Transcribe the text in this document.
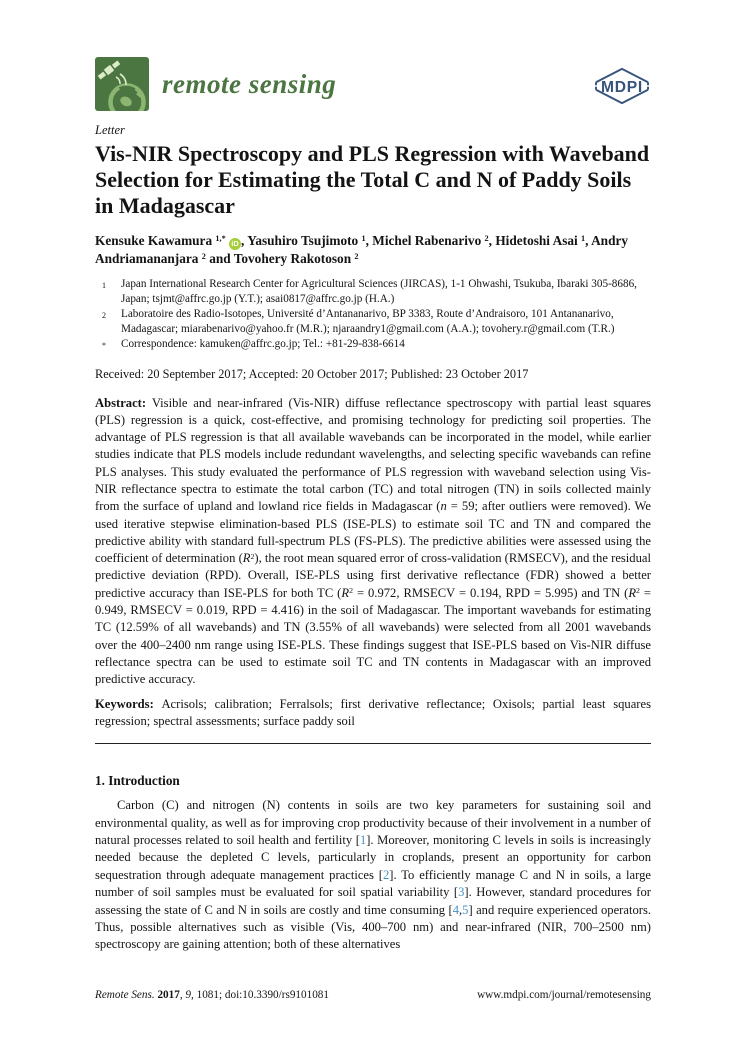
remote sensing	MDPI
Letter
Vis-NIR Spectroscopy and PLS Regression with Waveband Selection for Estimating the Total C and N of Paddy Soils in Madagascar

Kensuke Kawamura $^{1,*}$ iD , Yasuhiro Tsujimoto $^1$, Michel Rabenarivo $^2$, Hidetoshi Asai $^1$, Andry Andriamananjara $^2$ and Tovohery Rakotoson $^2$

1	Japan International Research Center for Agricultural Sciences (JIRCAS), 1-1 Ohwashi, Tsukuba, Ibaraki 305-8686, Japan; tsjmt@affrc.go.jp (Y.T.); asai0817@affrc.go.jp (H.A.)
2	Laboratoire des Radio-Isotopes, Université d’Antananarivo, BP 3383, Route d’Andraisoro, 101 Antananarivo, Madagascar; miarabenarivo@yahoo.fr (M.R.); njaraandry1@gmail.com (A.A.); tovohery.r@gmail.com (T.R.)
*	Correspondence: kamuken@affrc.go.jp; Tel.: +81-29-838-6614

Received: 20 September 2017; Accepted: 20 October 2017; Published: 23 October 2017

Abstract: Visible and near-infrared (Vis-NIR) diffuse reflectance spectroscopy with partial least squares (PLS) regression is a quick, cost-effective, and promising technology for predicting soil properties. The advantage of PLS regression is that all available wavebands can be incorporated in the model, while earlier studies indicate that PLS models include redundant wavelengths, and selecting specific wavebands can refine PLS analyses. This study evaluated the performance of PLS regression with waveband selection using Vis-NIR reflectance spectra to estimate the total carbon (TC) and total nitrogen (TN) in soils collected mainly from the surface of upland and lowland rice fields in Madagascar (n = 59; after outliers were removed). We used iterative stepwise elimination-based PLS (ISE-PLS) to estimate soil TC and TN and compared the predictive ability with standard full-spectrum PLS (FS-PLS). The predictive abilities were assessed using the coefficient of determination $(R^2)$, the root mean squared error of cross-validation (RMSECV), and the residual predictive deviation (RPD). Overall, ISE-PLS using first derivative reflectance (FDR) showed a better predictive accuracy than ISE-PLS for both TC ($R^2 = 0.972$, RMSECV = 0.194, RPD = 5.995) and TN ($R^2 = 0.949$, RMSECV = 0.019, RPD = 4.416) in the soil of Madagascar. The important wavebands for estimating TC (12.59% of all wavebands) and TN (3.55% of all wavebands) were selected from all 2001 wavebands over the 400–2400 nm range using ISE-PLS. These findings suggest that ISE-PLS based on Vis-NIR diffuse reflectance spectra can be used to estimate soil TC and TN contents in Madagascar with an improved predictive accuracy.

Keywords: Acrisols; calibration; Ferralsols; first derivative reflectance; Oxisols; partial least squares regression; spectral assessments; surface paddy soil

1. Introduction

Carbon (C) and nitrogen (N) contents in soils are two key parameters for sustaining soil and environmental quality, as well as for improving crop productivity because of their involvement in a number of natural processes related to soil health and fertility [1]. Moreover, monitoring C levels in soils is increasingly needed because the depleted C levels, particularly in croplands, present an opportunity for carbon sequestration through adequate management practices [2]. To efficiently manage C and N in soils, a large number of soil samples must be evaluated for soil spatial variability [3]. However, standard procedures for assessing the state of C and N in soils are costly and time consuming [4,5] and require experienced operators. Thus, possible alternatives such as visible (Vis, 400–700 nm) and near-infrared (NIR, 700–2500 nm) spectroscopy are gaining attention; both of these alternatives

Remote Sens. 2017, 9, 1081; doi:10.3390/rs9101081	www.mdpi.com/journal/remotesensing
